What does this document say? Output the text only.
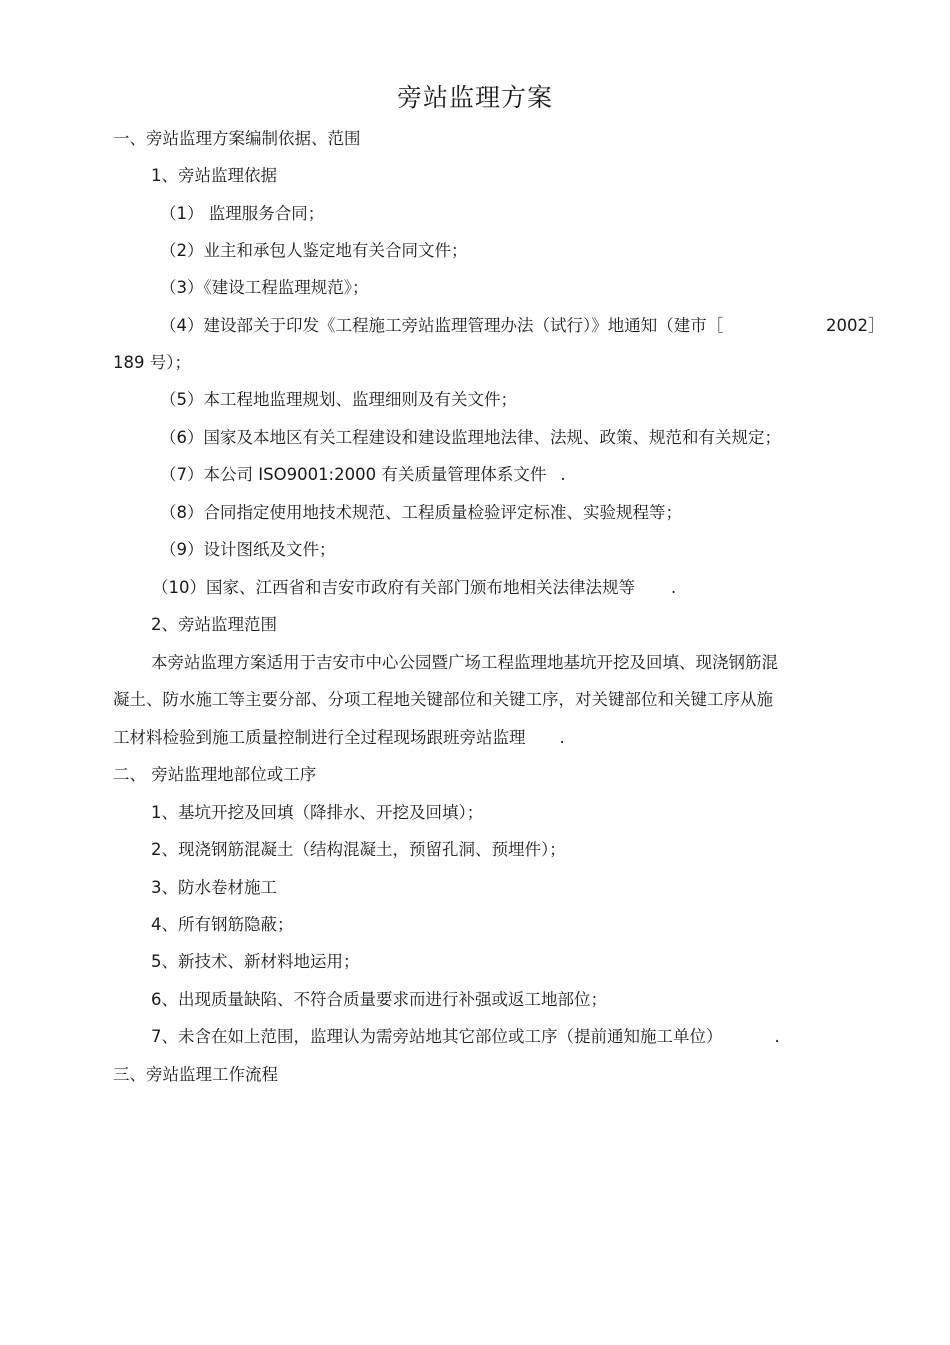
旁站监理方案
一、旁站监理方案编制依据、范围
1、旁站监理依据
（1） 监理服务合同；
（2）业主和承包人鉴定地有关合同文件；
（3）《建设工程监理规范》；
（4）建设部关于印发《工程施工旁站监理管理办法（试行）》地通知（建市［	2002］
189 号）；
（5）本工程地监理规划、监理细则及有关文件；
（6）国家及本地区有关工程建设和建设监理地法律、法规、政策、规范和有关规定；
（7）本公司 ISO9001:2000 有关质量管理体系文件 .
（8）合同指定使用地技术规范、工程质量检验评定标准、实验规程等；
（9）设计图纸及文件；
（10）国家、江西省和吉安市政府有关部门颁布地相关法律法规等 .
2、旁站监理范围
本旁站监理方案适用于吉安市中心公园暨广场工程监理地基坑开挖及回填、现浇钢筋混
凝土、防水施工等主要分部、分项工程地关键部位和关键工序，对关键部位和关键工序从施
工材料检验到施工质量控制进行全过程现场跟班旁站监理 .
二、 旁站监理地部位或工序
1、基坑开挖及回填（降排水、开挖及回填）；
2、现浇钢筋混凝土（结构混凝土，预留孔洞、预埋件）；
3、防水卷材施工
4、所有钢筋隐蔽；
5、新技术、新材料地运用；
6、出现质量缺陷、不符合质量要求而进行补强或返工地部位；
7、未含在如上范围，监理认为需旁站地其它部位或工序（提前通知施工单位）	.
三、旁站监理工作流程
